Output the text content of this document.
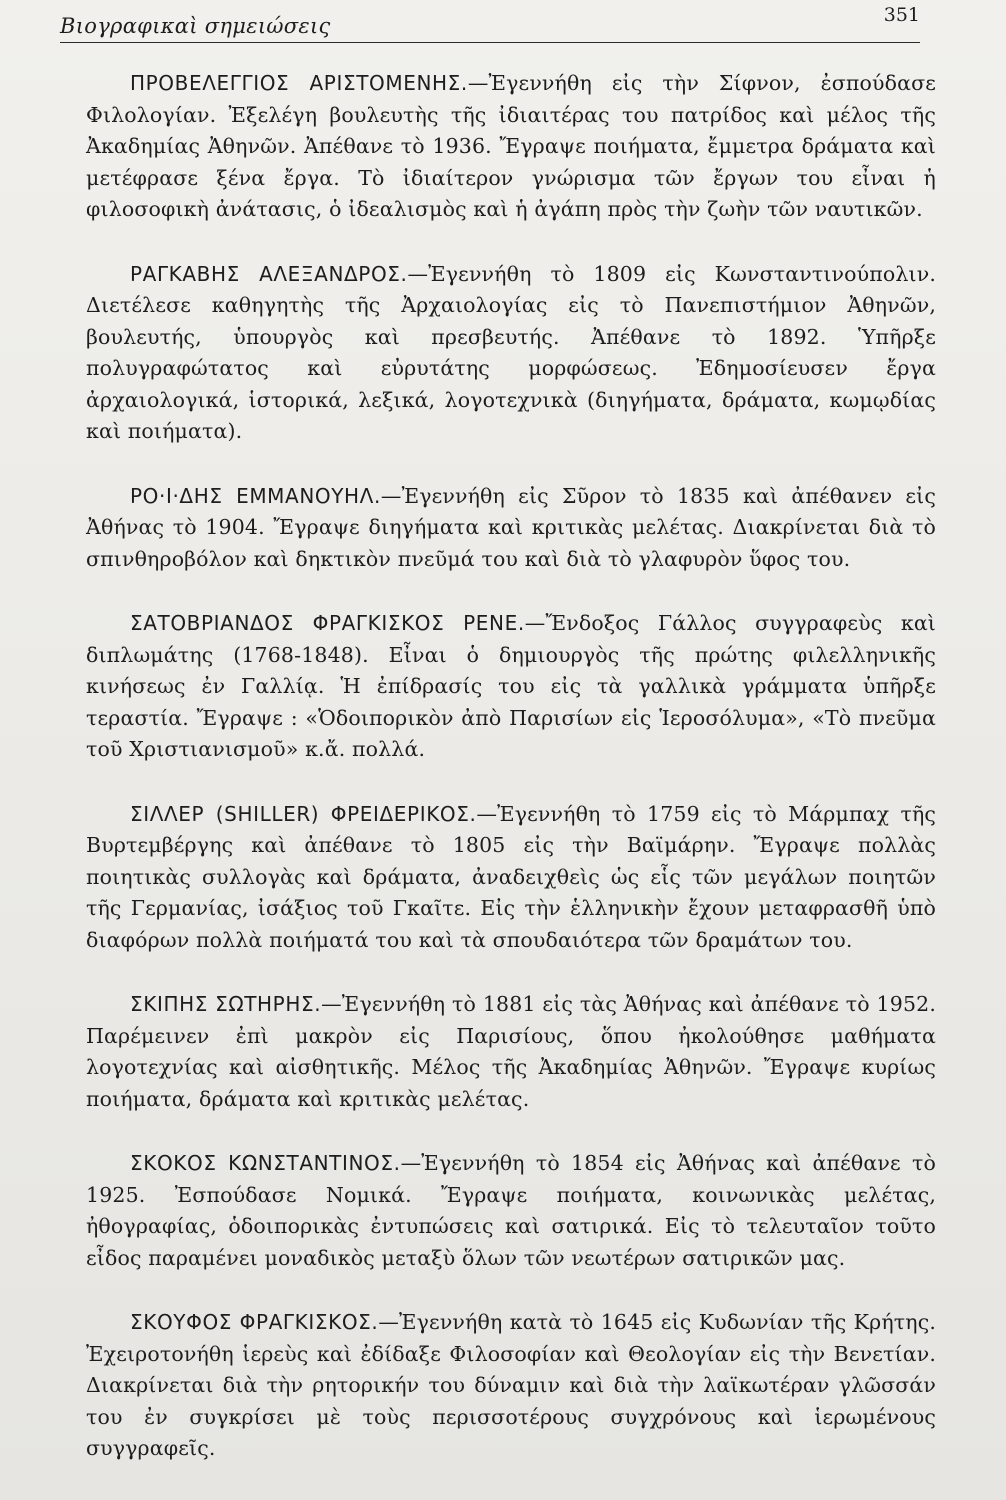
Βιογραφικαὶ σημειώσεις	351

ΠΡΟΒΕΛΕΓΓΙΟΣ ΑΡΙΣΤΟΜΕΝΗΣ.—Ἐγεννήθη εἰς τὴν Σίφνον, ἐσπούδασε Φιλολογίαν. Ἐξελέγη βουλευτὴς τῆς ἰδιαιτέρας του πατρίδος καὶ μέλος τῆς Ἀκαδημίας Ἀθηνῶν. Ἀπέθανε τὸ 1936. Ἔγραψε ποιήματα, ἔμμετρα δράματα καὶ μετέφρασε ξένα ἔργα. Τὸ ἰδιαίτερον γνώρισμα τῶν ἔργων του εἶναι ἡ φιλοσοφικὴ ἀνάτασις, ὁ ἰδεαλισμὸς καὶ ἡ ἀγάπη πρὸς τὴν ζωὴν τῶν ναυτικῶν.

ΡΑΓΚΑΒΗΣ ΑΛΕΞΑΝΔΡΟΣ.—Ἐγεννήθη τὸ 1809 εἰς Κωνσταντινούπολιν. Διετέλεσε καθηγητὴς τῆς Ἀρχαιολογίας εἰς τὸ Πανεπιστήμιον Ἀθηνῶν, βουλευτής, ὑπουργὸς καὶ πρεσβευτής. Ἀπέθανε τὸ 1892. Ὑπῆρξε πολυγραφώτατος καὶ εὐρυτάτης μορφώσεως. Ἐδημοσίευσεν ἔργα ἀρχαιολογικά, ἱστορικά, λεξικά, λογοτεχνικὰ (διηγήματα, δράματα, κωμῳδίας καὶ ποιήματα).

ΡΟ·Ι·ΔΗΣ ΕΜΜΑΝΟΥΗΛ.—Ἐγεννήθη εἰς Σῦρον τὸ 1835 καὶ ἀπέθανεν εἰς Ἀθήνας τὸ 1904. Ἔγραψε διηγήματα καὶ κριτικὰς μελέτας. Διακρίνεται διὰ τὸ σπινθηροβόλον καὶ δηκτικὸν πνεῦμά του καὶ διὰ τὸ γλαφυρὸν ὕφος του.

ΣΑΤΟΒΡΙΑΝΔΟΣ ΦΡΑΓΚΙΣΚΟΣ ΡΕΝΕ.—Ἔνδοξος Γάλλος συγγραφεὺς καὶ διπλωμάτης (1768-1848). Εἶναι ὁ δημιουργὸς τῆς πρώτης φιλελληνικῆς κινήσεως ἐν Γαλλίᾳ. Ἡ ἐπίδρασίς του εἰς τὰ γαλλικὰ γράμματα ὑπῆρξε τεραστία. Ἔγραψε : «Ὁδοιπορικὸν ἀπὸ Παρισίων εἰς Ἱεροσόλυμα», «Τὸ πνεῦμα τοῦ Χριστιανισμοῦ» κ.ἄ. πολλά.

ΣΙΛΛΕΡ (SHILLER) ΦΡΕΙΔΕΡΙΚΟΣ.—Ἐγεννήθη τὸ 1759 εἰς τὸ Μάρμπαχ τῆς Βυρτεμβέργης καὶ ἀπέθανε τὸ 1805 εἰς τὴν Βαϊμάρην. Ἔγραψε πολλὰς ποιητικὰς συλλογὰς καὶ δράματα, ἀναδειχθεὶς ὡς εἷς τῶν μεγάλων ποιητῶν τῆς Γερμανίας, ἰσάξιος τοῦ Γκαῖτε. Εἰς τὴν ἑλληνικὴν ἔχουν μεταφρασθῆ ὑπὸ διαφόρων πολλὰ ποιήματά του καὶ τὰ σπουδαιότερα τῶν δραμάτων του.

ΣΚΙΠΗΣ ΣΩΤΗΡΗΣ.—Ἐγεννήθη τὸ 1881 εἰς τὰς Ἀθήνας καὶ ἀπέθανε τὸ 1952. Παρέμεινεν ἐπὶ μακρὸν εἰς Παρισίους, ὅπου ἠκολούθησε μαθήματα λογοτεχνίας καὶ αἰσθητικῆς. Μέλος τῆς Ἀκαδημίας Ἀθηνῶν. Ἔγραψε κυρίως ποιήματα, δράματα καὶ κριτικὰς μελέτας.

ΣΚΟΚΟΣ ΚΩΝΣΤΑΝΤΙΝΟΣ.—Ἐγεννήθη τὸ 1854 εἰς Ἀθήνας καὶ ἀπέθανε τὸ 1925. Ἐσπούδασε Νομικά. Ἔγραψε ποιήματα, κοινωνικὰς μελέτας, ἠθογραφίας, ὁδοιπορικὰς ἐντυπώσεις καὶ σατιρικά. Εἰς τὸ τελευταῖον τοῦτο εἶδος παραμένει μοναδικὸς μεταξὺ ὅλων τῶν νεωτέρων σατιρικῶν μας.

ΣΚΟΥΦΟΣ ΦΡΑΓΚΙΣΚΟΣ.—Ἐγεννήθη κατὰ τὸ 1645 εἰς Κυδωνίαν τῆς Κρήτης. Ἐχειροτονήθη ἱερεὺς καὶ ἐδίδαξε Φιλοσοφίαν καὶ Θεολογίαν εἰς τὴν Βενετίαν. Διακρίνεται διὰ τὴν ρητορικήν του δύναμιν καὶ διὰ τὴν λαϊκωτέραν γλῶσσάν του ἐν συγκρίσει μὲ τοὺς περισσοτέρους συγχρόνους καὶ ἱερωμένους συγγραφεῖς.
